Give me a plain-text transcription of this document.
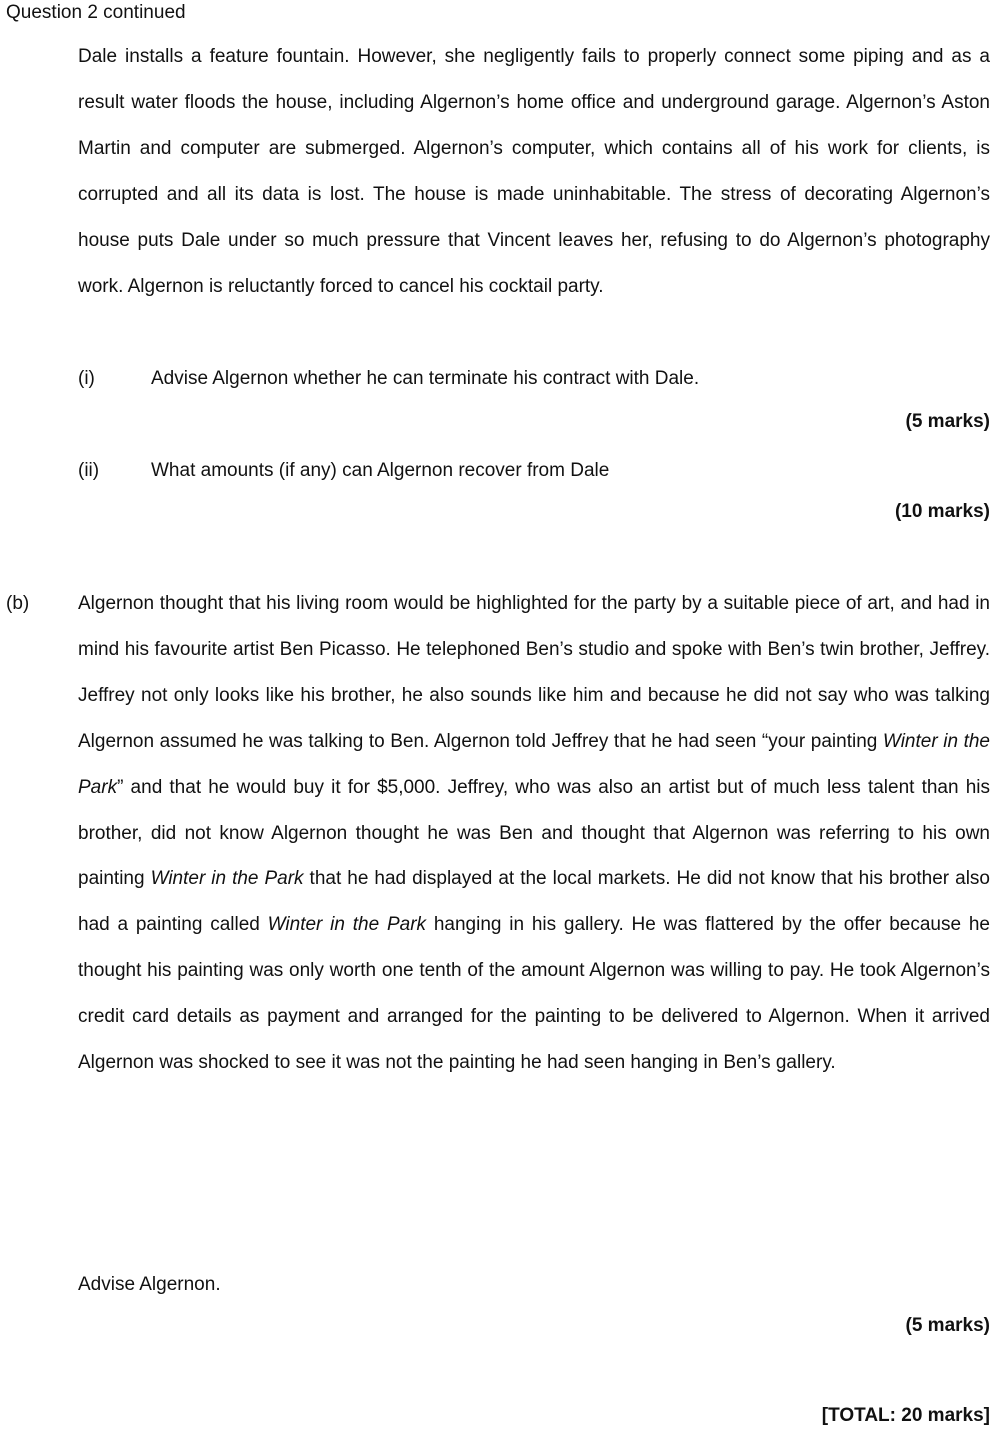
Question 2 continued

Dale installs a feature fountain. However, she negligently fails to properly connect some piping and as a result water floods the house, including Algernon’s home office and underground garage. Algernon’s Aston Martin and computer are submerged. Algernon’s computer, which contains all of his work for clients, is corrupted and all its data is lost. The house is made uninhabitable. The stress of decorating Algernon’s house puts Dale under so much pressure that Vincent leaves her, refusing to do Algernon’s photography work. Algernon is reluctantly forced to cancel his cocktail party.

(i)	Advise Algernon whether he can terminate his contract with Dale.
(5 marks)
(ii)	What amounts (if any) can Algernon recover from Dale
(10 marks)
(b)	Algernon thought that his living room would be highlighted for the party by a suitable piece of art, and had in mind his favourite artist Ben Picasso. He telephoned Ben’s studio and spoke with Ben’s twin brother, Jeffrey. Jeffrey not only looks like his brother, he also sounds like him and because he did not say who was talking Algernon assumed he was talking to Ben. Algernon told Jeffrey that he had seen “your painting Winter in the Park” and that he would buy it for $5,000. Jeffrey, who was also an artist but of much less talent than his brother, did not know Algernon thought he was Ben and thought that Algernon was referring to his own painting Winter in the Park that he had displayed at the local markets. He did not know that his brother also had a painting called Winter in the Park hanging in his gallery. He was flattered by the offer because he thought his painting was only worth one tenth of the amount Algernon was willing to pay. He took Algernon’s credit card details as payment and arranged for the painting to be delivered to Algernon. When it arrived Algernon was shocked to see it was not the painting he had seen hanging in Ben’s gallery.

Advise Algernon.
(5 marks)
[TOTAL: 20 marks]
